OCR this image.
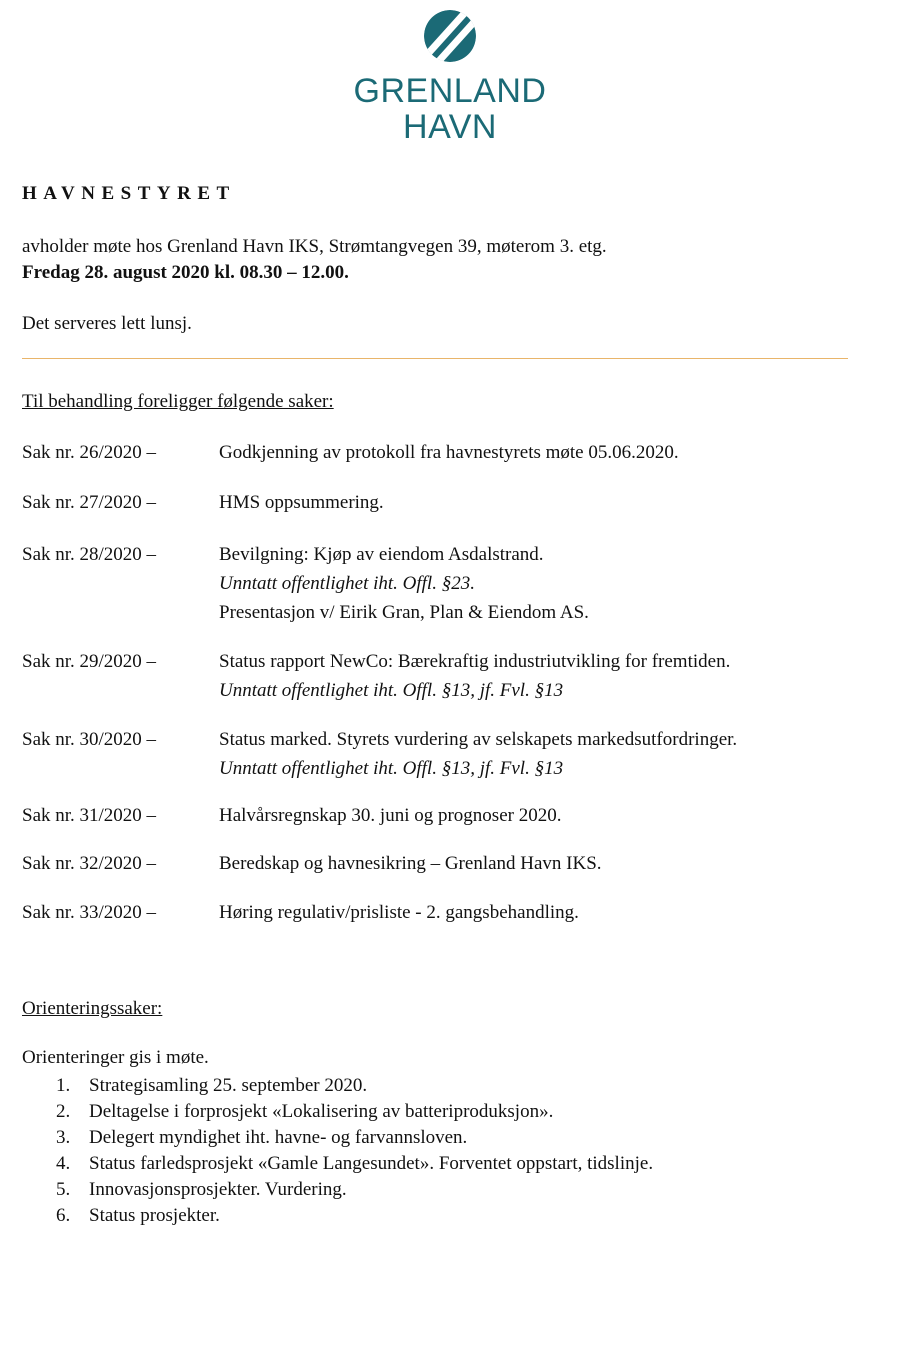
GRENLAND
HAVN
HAVNESTYRET
avholder møte hos Grenland Havn IKS, Strømtangvegen 39, møterom 3. etg.
Fredag 28. august 2020 kl. 08.30 – 12.00.
Det serveres lett lunsj.
Til behandling foreligger følgende saker:
Sak nr. 26/2020 –	Godkjenning av protokoll fra havnestyrets møte 05.06.2020.
Sak nr. 27/2020 –	HMS oppsummering.
Sak nr. 28/2020 –	Bevilgning: Kjøp av eiendom Asdalstrand.
Unntatt offentlighet iht. Offl. §23.
Presentasjon v/ Eirik Gran, Plan & Eiendom AS.
Sak nr. 29/2020 –	Status rapport NewCo: Bærekraftig industriutvikling for fremtiden.
Unntatt offentlighet iht. Offl. §13, jf. Fvl. §13
Sak nr. 30/2020 –	Status marked. Styrets vurdering av selskapets markedsutfordringer.
Unntatt offentlighet iht. Offl. §13, jf. Fvl. §13
Sak nr. 31/2020 –	Halvårsregnskap 30. juni og prognoser 2020.
Sak nr. 32/2020 –	Beredskap og havnesikring – Grenland Havn IKS.
Sak nr. 33/2020 –	Høring regulativ/prisliste - 2. gangsbehandling.
Orienteringssaker:
Orienteringer gis i møte.
1. Strategisamling 25. september 2020.
2. Deltagelse i forprosjekt «Lokalisering av batteriproduksjon».
3. Delegert myndighet iht. havne- og farvannsloven.
4. Status farledsprosjekt «Gamle Langesundet». Forventet oppstart, tidslinje.
5. Innovasjonsprosjekter. Vurdering.
6. Status prosjekter.
